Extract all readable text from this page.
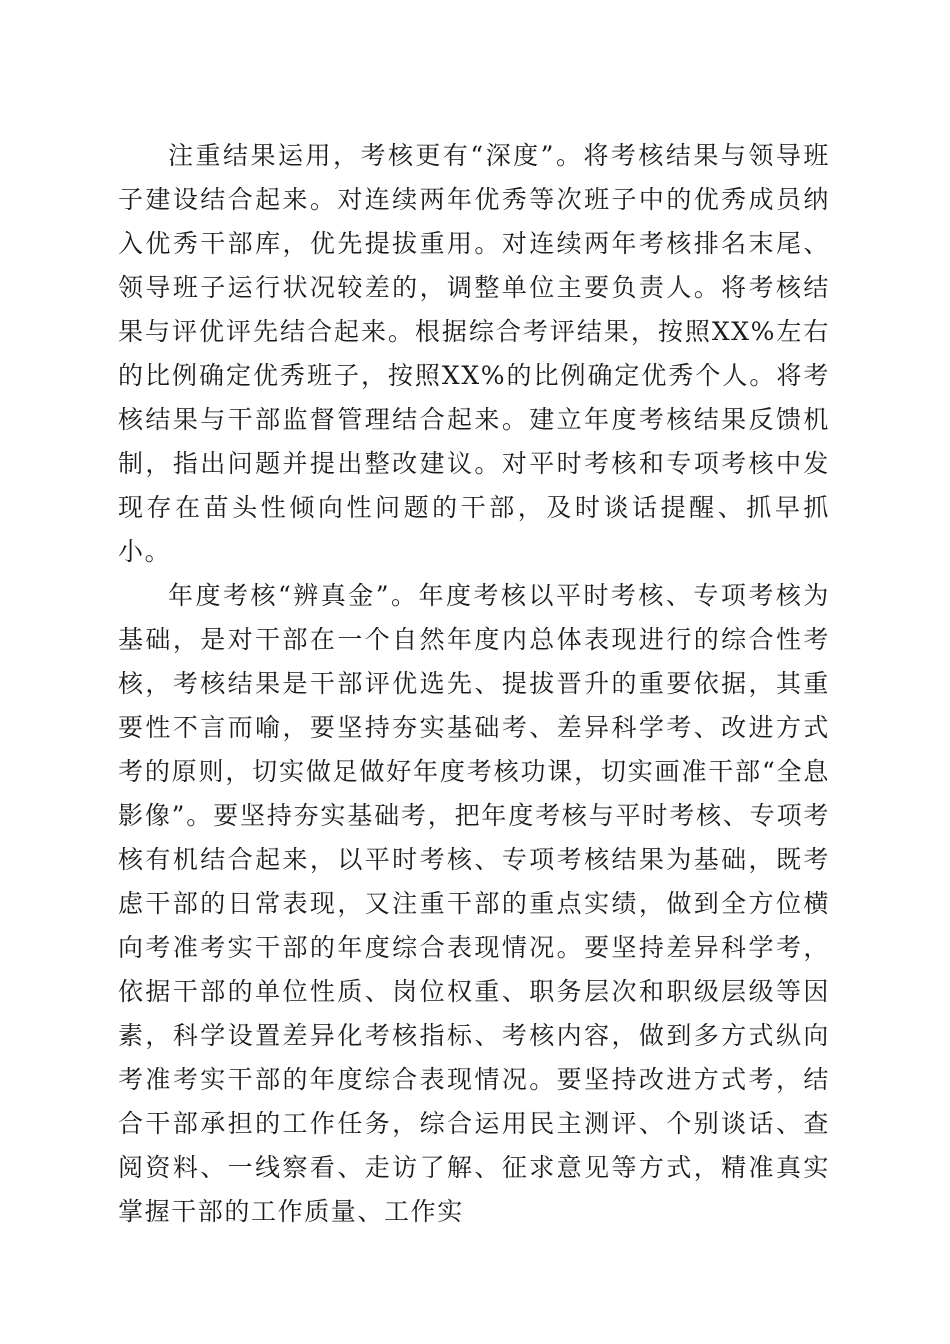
注重结果运用，考核更有“深度”。将考核结果与领导班子建设结合起来。对连续两年优秀等次班子中的优秀成员纳入优秀干部库，优先提拔重用。对连续两年考核排名末尾、领导班子运行状况较差的，调整单位主要负责人。将考核结果与评优评先结合起来。根据综合考评结果，按照XX%左右的比例确定优秀班子，按照XX%的比例确定优秀个人。将考核结果与干部监督管理结合起来。建立年度考核结果反馈机制，指出问题并提出整改建议。对平时考核和专项考核中发现存在苗头性倾向性问题的干部，及时谈话提醒、抓早抓小。

年度考核“辨真金”。年度考核以平时考核、专项考核为基础，是对干部在一个自然年度内总体表现进行的综合性考核，考核结果是干部评优选先、提拔晋升的重要依据，其重要性不言而喻，要坚持夯实基础考、差异科学考、改进方式考的原则，切实做足做好年度考核功课，切实画准干部“全息影像”。要坚持夯实基础考，把年度考核与平时考核、专项考核有机结合起来，以平时考核、专项考核结果为基础，既考虑干部的日常表现，又注重干部的重点实绩，做到全方位横向考准考实干部的年度综合表现情况。要坚持差异科学考，依据干部的单位性质、岗位权重、职务层次和职级层级等因素，科学设置差异化考核指标、考核内容，做到多方式纵向考准考实干部的年度综合表现情况。要坚持改进方式考，结合干部承担的工作任务，综合运用民主测评、个别谈话、查阅资料、一线察看、走访了解、征求意见等方式，精准真实掌握干部的工作质量、工作实
